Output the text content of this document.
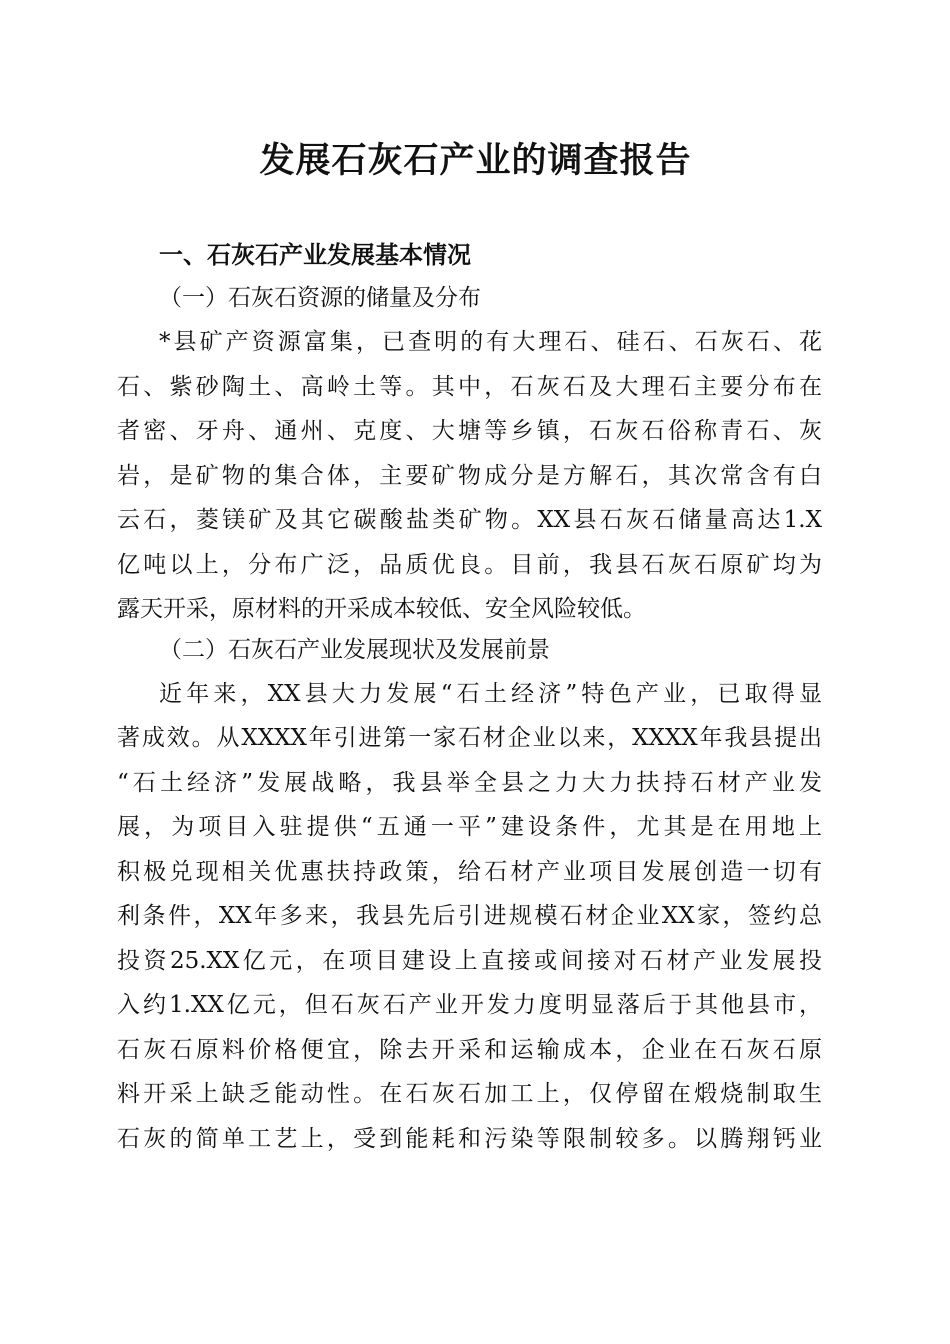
发展石灰石产业的调查报告
一、石灰石产业发展基本情况
（一）石灰石资源的储量及分布
*县矿产资源富集，已查明的有大理石、硅石、石灰石、花
石、紫砂陶土、高岭土等。其中，石灰石及大理石主要分布在
者密、牙舟、通州、克度、大塘等乡镇，石灰石俗称青石、灰
岩，是矿物的集合体，主要矿物成分是方解石，其次常含有白
云石，菱镁矿及其它碳酸盐类矿物。XX县石灰石储量高达1.X
亿吨以上，分布广泛，品质优良。目前，我县石灰石原矿均为
露天开采，原材料的开采成本较低、安全风险较低。
（二）石灰石产业发展现状及发展前景
近年来，XX县大力发展“石土经济”特色产业，已取得显
著成效。从XXXX年引进第一家石材企业以来，XXXX年我县提出
“石土经济”发展战略，我县举全县之力大力扶持石材产业发
展，为项目入驻提供“五通一平”建设条件，尤其是在用地上
积极兑现相关优惠扶持政策，给石材产业项目发展创造一切有
利条件，XX年多来，我县先后引进规模石材企业XX家，签约总
投资25.XX亿元，在项目建设上直接或间接对石材产业发展投
入约1.XX亿元，但石灰石产业开发力度明显落后于其他县市，
石灰石原料价格便宜，除去开采和运输成本，企业在石灰石原
料开采上缺乏能动性。在石灰石加工上，仅停留在煅烧制取生
石灰的简单工艺上，受到能耗和污染等限制较多。以腾翔钙业
